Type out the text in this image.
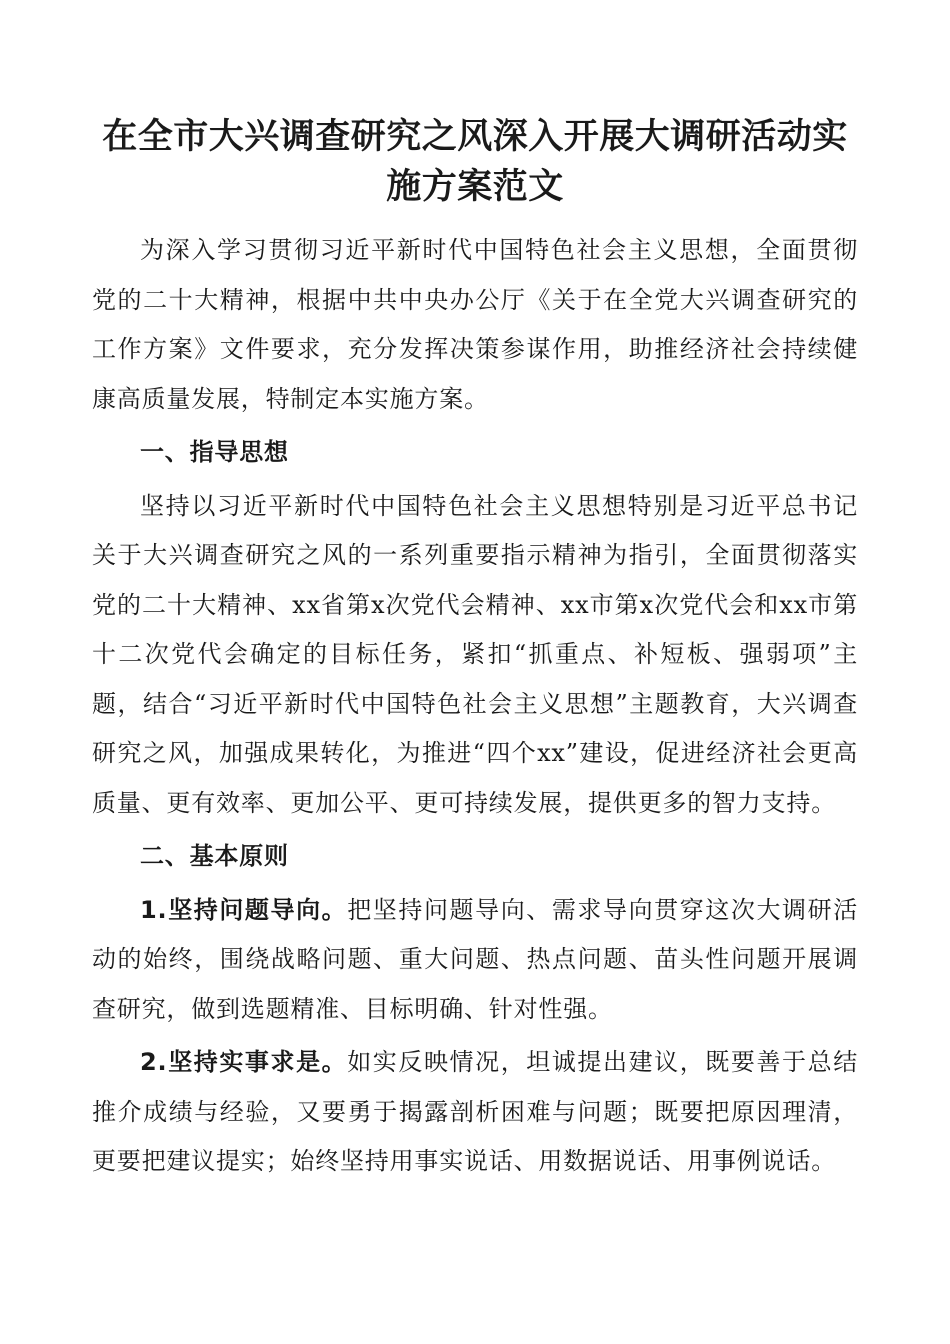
在全市大兴调查研究之风深入开展大调研活动实
施方案范文

为深入学习贯彻习近平新时代中国特色社会主义思想，全面贯彻党的二十大精神，根据中共中央办公厅《关于在全党大兴调查研究的工作方案》文件要求，充分发挥决策参谋作用，助推经济社会持续健康高质量发展，特制定本实施方案。

一、指导思想

坚持以习近平新时代中国特色社会主义思想特别是习近平总书记关于大兴调查研究之风的一系列重要指示精神为指引，全面贯彻落实党的二十大精神、xx省第x次党代会精神、xx市第x次党代会和xx市第十二次党代会确定的目标任务，紧扣“抓重点、补短板、强弱项”主题，结合“习近平新时代中国特色社会主义思想”主题教育，大兴调查研究之风，加强成果转化，为推进“四个xx”建设，促进经济社会更高质量、更有效率、更加公平、更可持续发展，提供更多的智力支持。

二、基本原则

1.坚持问题导向。把坚持问题导向、需求导向贯穿这次大调研活动的始终，围绕战略问题、重大问题、热点问题、苗头性问题开展调查研究，做到选题精准、目标明确、针对性强。

2.坚持实事求是。如实反映情况，坦诚提出建议，既要善于总结推介成绩与经验，又要勇于揭露剖析困难与问题；既要把原因理清，更要把建议提实；始终坚持用事实说话、用数据说话、用事例说话。
